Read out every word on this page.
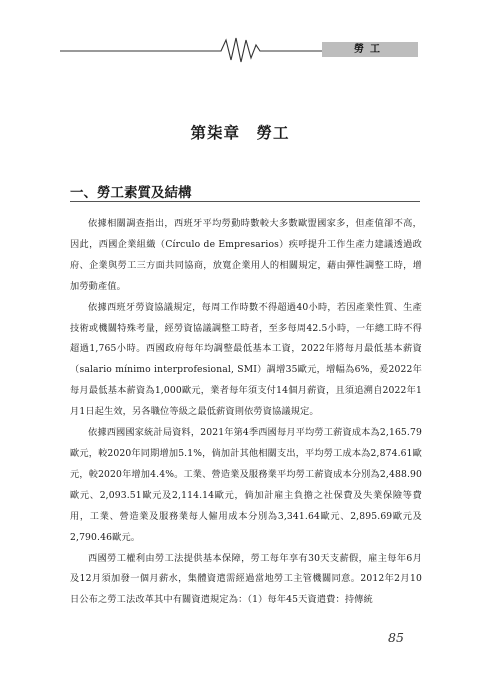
勞工
第柒章　勞工
一、勞工素質及結構

依據相關調查指出，西班牙平均勞動時數較大多數歐盟國家多，但產值卻不高，因此，西國企業組織（Círculo de Empresarios）疾呼提升工作生產力建議透過政府、企業與勞工三方面共同協商，放寬企業用人的相關規定，藉由彈性調整工時，增加勞動產值。

依據西班牙勞資協議規定，每周工作時數不得超過40小時，若因產業性質、生產技術或機關特殊考量，經勞資協議調整工時者，至多每周42.5小時，一年總工時不得超過1,765小時。西國政府每年均調整最低基本工資，2022年將每月最低基本薪資（salario mínimo interprofesional, SMI）調增35歐元，增幅為6%，爰2022年每月最低基本薪資為1,000歐元，業者每年須支付14個月薪資，且須追溯自2022年1月1日起生效，另各職位等級之最低薪資則依勞資協議規定。

依據西國國家統計局資料，2021年第4季西國每月平均勞工薪資成本為2,165.79歐元，較2020年同期增加5.1%，倘加計其他相關支出，平均勞工成本為2,874.61歐元，較2020年增加4.4%。工業、營造業及服務業平均勞工薪資成本分別為2,488.90歐元、2,093.51歐元及2,114.14歐元，倘加計雇主負擔之社保費及失業保險等費用，工業、營造業及服務業每人僱用成本分別為3,341.64歐元、2,895.69歐元及2,790.46歐元。

西國勞工權利由勞工法提供基本保障，勞工每年享有30天支薪假，雇主每年6月及12月須加發一個月薪水，集體資遣需經過當地勞工主管機關同意。2012年2月10日公布之勞工法改革其中有關資遣規定為：（1）每年45天資遣費：持傳統

85
